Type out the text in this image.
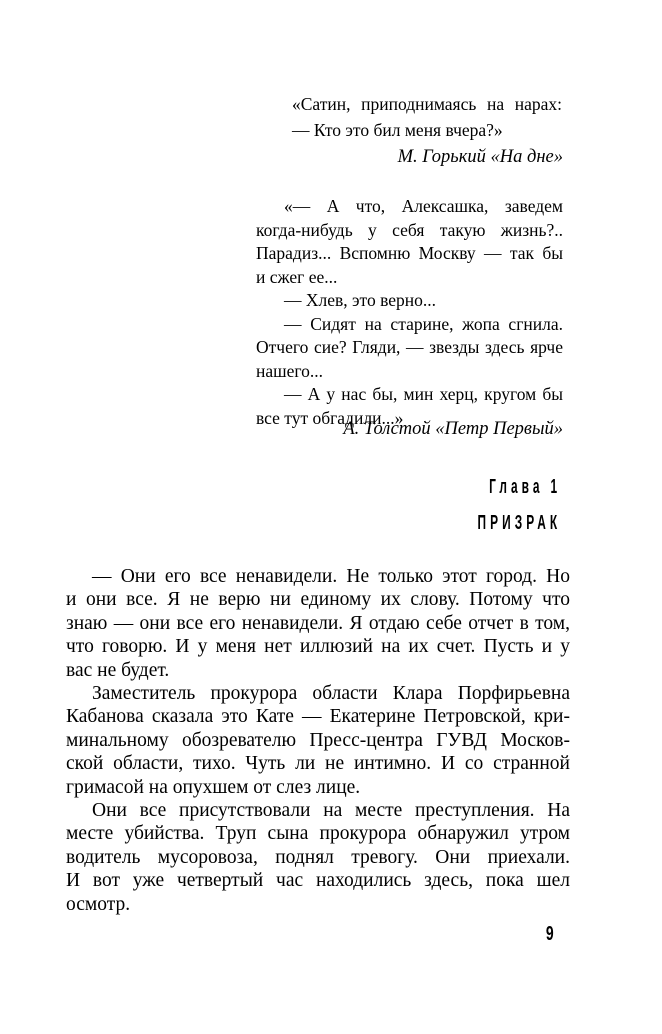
«Сатин, приподнимаясь на нарах:
— Кто это бил меня вчера?»
М. Горький «На дне»
«— А что, Алексашка, заведем
когда-нибудь у себя такую жизнь?..
Парадиз... Вспомню Москву — так бы
и сжег ее...
— Хлев, это верно...
— Сидят на старине, жопа сгнила.
Отчего сие? Гляди, — звезды здесь ярче
нашего...
— А у нас бы, мин херц, кругом бы
все тут обгадили...»
А. Толстой «Петр Первый»
Глава 1
ПРИЗРАК
— Они его все ненавидели. Не только этот город. Но
и они все. Я не верю ни единому их слову. Потому что
знаю — они все его ненавидели. Я отдаю себе отчет в том,
что говорю. И у меня нет иллюзий на их счет. Пусть и у
вас не будет.
Заместитель прокурора области Клара Порфирьевна
Кабанова сказала это Кате — Екатерине Петровской, кри-
минальному обозревателю Пресс-центра ГУВД Москов-
ской области, тихо. Чуть ли не интимно. И со странной
гримасой на опухшем от слез лице.
Они все присутствовали на месте преступления. На
месте убийства. Труп сына прокурора обнаружил утром
водитель мусоровоза, поднял тревогу. Они приехали.
И вот уже четвертый час находились здесь, пока шел
осмотр.
9
